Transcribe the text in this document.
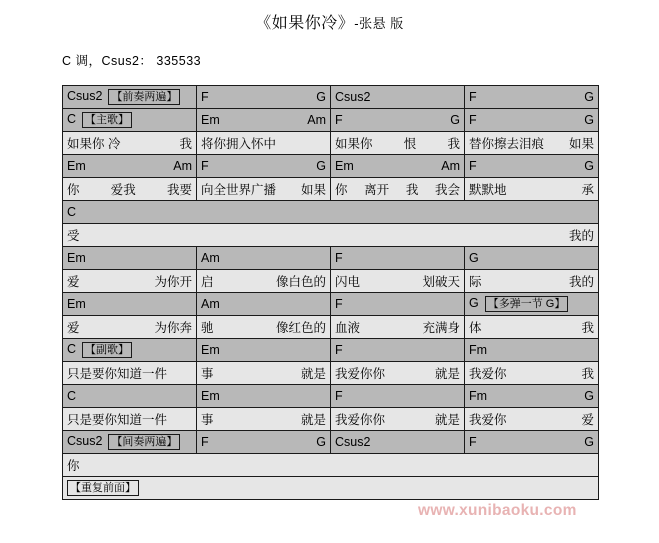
《如果你冷》-张悬 版
C 调，Csus2： 335533
Csus2 【前奏两遍】	F G	Csus2	F G

C 【主歌】	Em Am	F G	F G

如果你 冷 我	将你拥入怀中	如果你 恨 我	替你擦去泪痕 如果

Em Am	F G	Em Am	F G

你 爱我 我要	向全世界广播 如果	你 离开 我 我会	默默地 承

C			

受 我的			

Em	Am	F	G

爱 为你开	启 像白色的	闪电 划破天	际 我的

Em	Am	F	G 【多弹一节 G】

爱 为你奔	驰 像红色的	血液 充满身	体 我

C 【副歌】	Em	F	Fm

只是要你知道一件	事 就是	我爱你你 就是	我爱你 我

C	Em	F	Fm G

只是要你知道一件	事 就是	我爱你你 就是	我爱你 爱

Csus2 【间奏两遍】	F G	Csus2	F G

你			

【重复前面】			
www.xunibaoku.com
